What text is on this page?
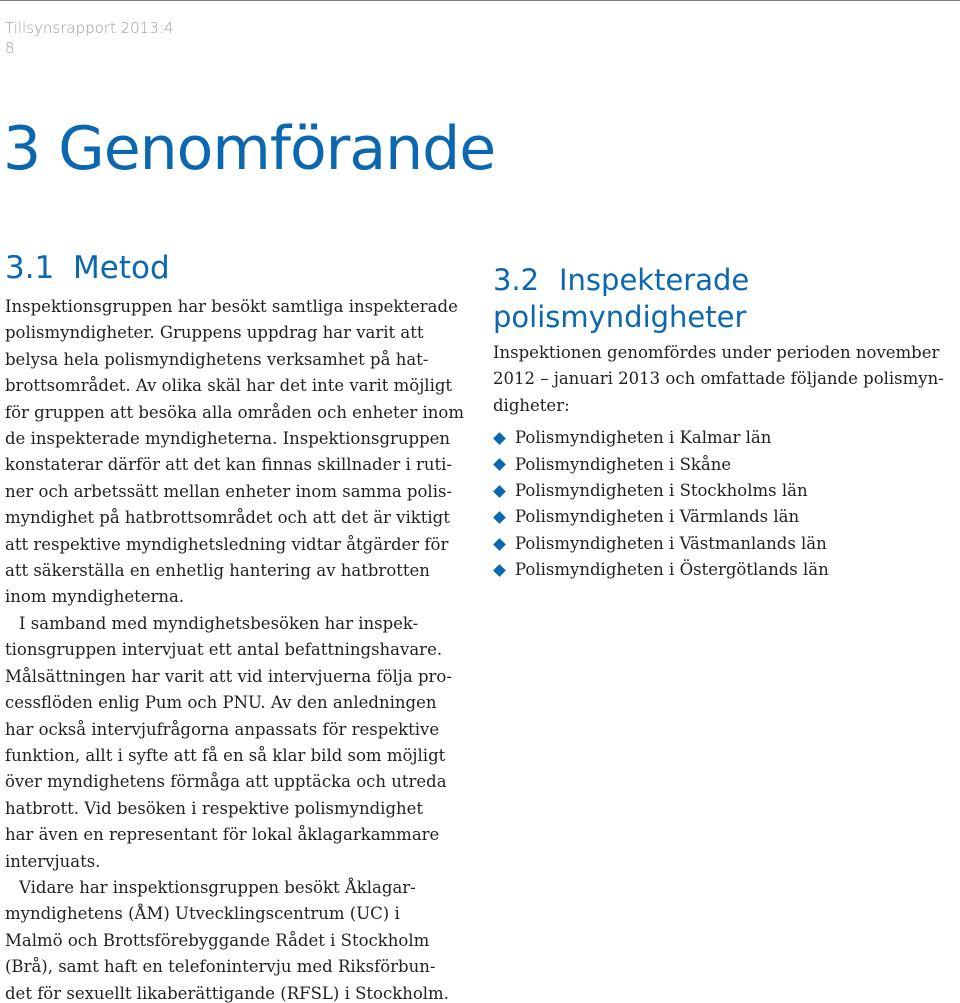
Tillsynsrapport 2013:4
8
3 Genomförande
3.1 Metod

Inspektionsgruppen har besökt samtliga inspekterade
polismyndigheter. Gruppens uppdrag har varit att
belysa hela polismyndighetens verksamhet på hat-
brottsområdet. Av olika skäl har det inte varit möjligt
för gruppen att besöka alla områden och enheter inom
de inspekterade myndigheterna. Inspektionsgruppen
konstaterar därför att det kan finnas skillnader i ruti-
ner och arbetssätt mellan enheter inom samma polis-
myndighet på hatbrottsområdet och att det är viktigt
att respektive myndighetsledning vidtar åtgärder för
att säkerställa en enhetlig hantering av hatbrotten
inom myndigheterna.

I samband med myndighetsbesöken har inspek-
tionsgruppen intervjuat ett antal befattningshavare.
Målsättningen har varit att vid intervjuerna följa pro-
cessflöden enlig Pum och PNU. Av den anledningen
har också intervjufrågorna anpassats för respektive
funktion, allt i syfte att få en så klar bild som möjligt
över myndighetens förmåga att upptäcka och utreda
hatbrott. Vid besöken i respektive polismyndighet
har även en representant för lokal åklagarkammare
intervjuats.

Vidare har inspektionsgruppen besökt Åklagar-
myndighetens (ÅM) Utvecklingscentrum (UC) i
Malmö och Brottsförebyggande Rådet i Stockholm
(Brå), samt haft en telefonintervju med Riksförbun-
det för sexuellt likaberättigande (RFSL) i Stockholm.

3.2 Inspekterade
polismyndigheter

Inspektionen genomfördes under perioden november
2012 – januari 2013 och omfattade följande polismyn-
digheter:

Polismyndigheten i Kalmar län
Polismyndigheten i Skåne
Polismyndigheten i Stockholms län
Polismyndigheten i Värmlands län
Polismyndigheten i Västmanlands län
Polismyndigheten i Östergötlands län
